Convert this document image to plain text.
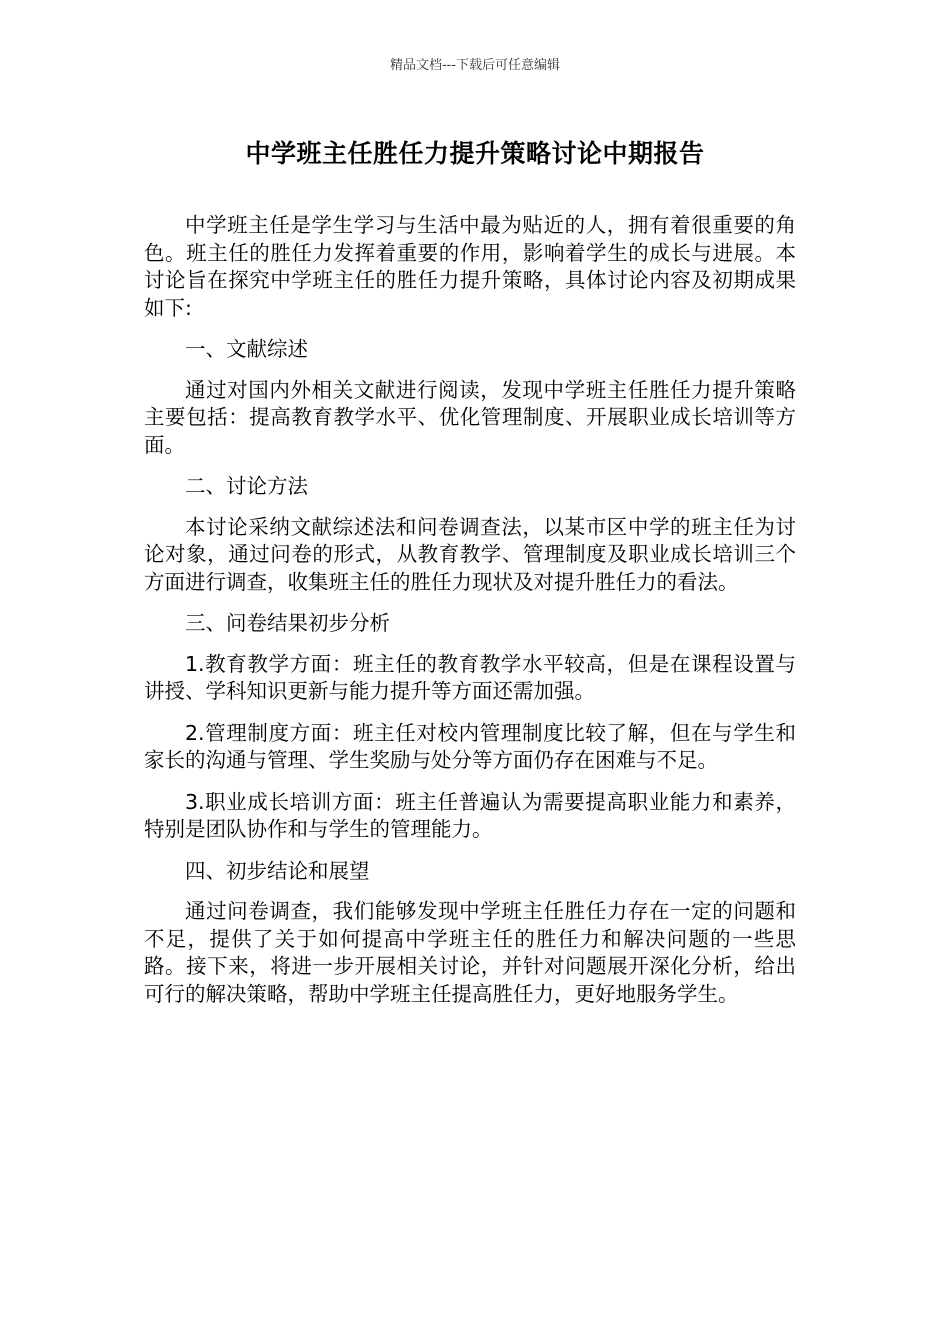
精品文档---下载后可任意编辑
中学班主任胜任力提升策略讨论中期报告

中学班主任是学生学习与生活中最为贴近的人，拥有着很重要的角色。班主任的胜任力发挥着重要的作用，影响着学生的成长与进展。本讨论旨在探究中学班主任的胜任力提升策略，具体讨论内容及初期成果如下:

一、文献综述

通过对国内外相关文献进行阅读，发现中学班主任胜任力提升策略主要包括：提高教育教学水平、优化管理制度、开展职业成长培训等方面。

二、讨论方法

本讨论采纳文献综述法和问卷调查法，以某市区中学的班主任为讨论对象，通过问卷的形式，从教育教学、管理制度及职业成长培训三个方面进行调查，收集班主任的胜任力现状及对提升胜任力的看法。

三、问卷结果初步分析

1.教育教学方面：班主任的教育教学水平较高，但是在课程设置与讲授、学科知识更新与能力提升等方面还需加强。

2.管理制度方面：班主任对校内管理制度比较了解，但在与学生和家长的沟通与管理、学生奖励与处分等方面仍存在困难与不足。

3.职业成长培训方面：班主任普遍认为需要提高职业能力和素养，特别是团队协作和与学生的管理能力。

四、初步结论和展望

通过问卷调查，我们能够发现中学班主任胜任力存在一定的问题和不足，提供了关于如何提高中学班主任的胜任力和解决问题的一些思路。接下来，将进一步开展相关讨论，并针对问题展开深化分析，给出可行的解决策略，帮助中学班主任提高胜任力，更好地服务学生。
